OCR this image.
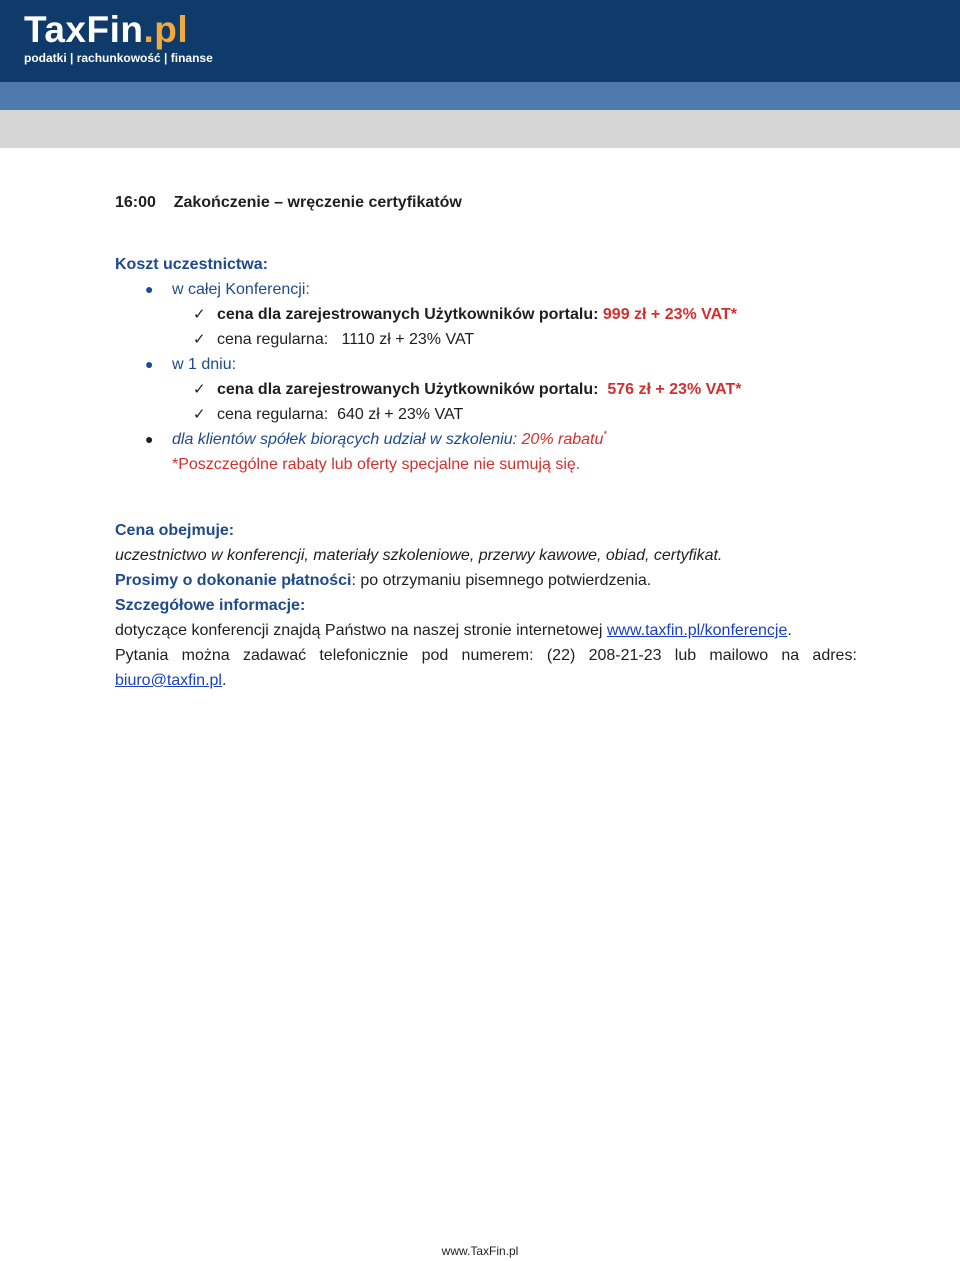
TaxFin.pl
podatki | rachunkowość | finanse
16:00 Zakończenie – wręczenie certyfikatów
Koszt uczestnictwa:
● w całej Konferencji:
✓ cena dla zarejestrowanych Użytkowników portalu: 999 zł + 23% VAT*
✓ cena regularna: 1110 zł + 23% VAT
● w 1 dniu:
✓ cena dla zarejestrowanych Użytkowników portalu: 576 zł + 23% VAT*
✓ cena regularna: 640 zł + 23% VAT
● dla klientów spółek biorących udział w szkoleniu: 20% rabatu*
*Poszczególne rabaty lub oferty specjalne nie sumują się.
Cena obejmuje:
uczestnictwo w konferencji, materiały szkoleniowe, przerwy kawowe, obiad, certyfikat.
Prosimy o dokonanie płatności: po otrzymaniu pisemnego potwierdzenia.
Szczegółowe informacje:
dotyczące konferencji znajdą Państwo na naszej stronie internetowej www.taxfin.pl/konferencje.
Pytania można zadawać telefonicznie pod numerem: (22) 208-21-23 lub mailowo na adres:
biuro@taxfin.pl.
www.TaxFin.pl
